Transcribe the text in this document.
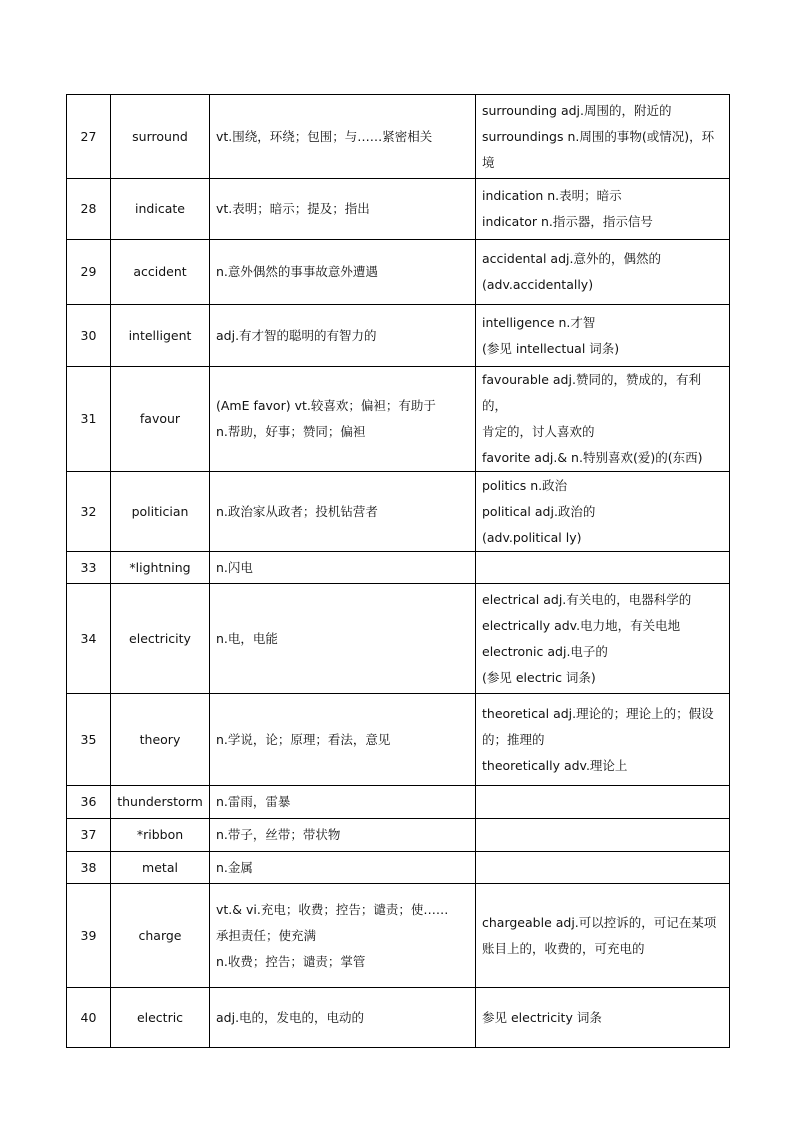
27	surround	vt.围绕，环绕；包围；与……紧密相关	surrounding adj.周围的，附近的
surroundings n.周围的事物(或情况)，环
境

28	indicate	vt.表明；暗示；提及；指出	indication n.表明；暗示
indicator n.指示器，指示信号

29	accident	n.意外偶然的事事故意外遭遇	accidental adj.意外的，偶然的
(adv.accidentally)

30	intelligent	adj.有才智的聪明的有智力的	intelligence n.才智
(参见 intellectual 词条)

31	favour	(AmE favor) vt.较喜欢；偏袒；有助于
n.帮助，好事；赞同；偏袒	favourable adj.赞同的，赞成的，有利的，
肯定的，讨人喜欢的
favorite adj.& n.特别喜欢(爱)的(东西)

32	politician	n.政治家从政者；投机钻营者	politics n.政治
political adj.政治的
(adv.political ly)

33	*lightning	n.闪电	

34	electricity	n.电，电能	electrical adj.有关电的，电器科学的
electrically adv.电力地，有关电地
electronic adj.电子的
(参见 electric 词条)

35	theory	n.学说，论；原理；看法，意见	theoretical adj.理论的；理论上的；假设
的；推理的
theoretically adv.理论上

36	thunderstorm	n.雷雨，雷暴	

37	*ribbon	n.带子，丝带；带状物	

38	metal	n.金属	

39	charge	vt.& vi.充电；收费；控告；谴责；使……
承担责任；使充满
n.收费；控告；谴责；掌管	chargeable adj.可以控诉的，可记在某项
账目上的，收费的，可充电的

40	electric	adj.电的，发电的，电动的	参见 electricity 词条
